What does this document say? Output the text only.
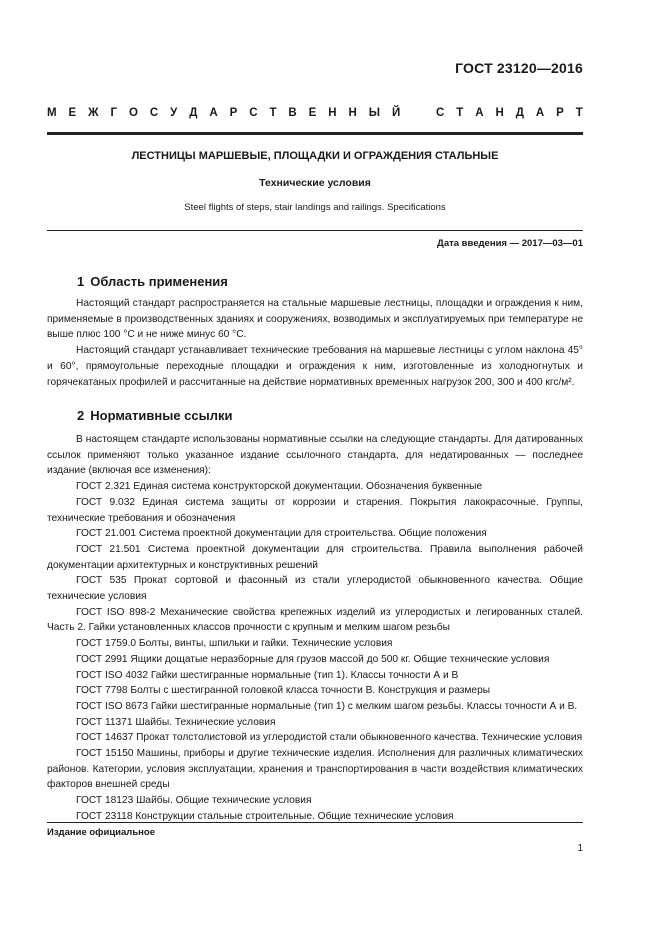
ГОСТ 23120—2016
М Е Ж Г О С У Д А Р С Т В Е Н Н Ы Й	С Т А Н Д А Р Т
ЛЕСТНИЦЫ МАРШЕВЫЕ, ПЛОЩАДКИ И ОГРАЖДЕНИЯ СТАЛЬНЫЕ
Технические условия
Steel flights of steps, stair landings and railings. Specifications
Дата введения — 2017—03—01
1 Область применения

Настоящий стандарт распространяется на стальные маршевые лестницы, площадки и ограждения к ним, применяемые в производственных зданиях и сооружениях, возводимых и эксплуатируемых при температуре не выше плюс 100 °С и не ниже минус 60 °С.

Настоящий стандарт устанавливает технические требования на маршевые лестницы с углом наклона 45° и 60°, прямоугольные переходные площадки и ограждения к ним, изготовленные из холодногнутых и горячекатаных профилей и рассчитанные на действие нормативных временных нагрузок 200, 300 и 400 кгс/м².

2 Нормативные ссылки

В настоящем стандарте использованы нормативные ссылки на следующие стандарты. Для датированных ссылок применяют только указанное издание ссылочного стандарта, для недатированных — последнее издание (включая все изменения):

ГОСТ 2.321 Единая система конструкторской документации. Обозначения буквенные

ГОСТ 9.032 Единая система защиты от коррозии и старения. Покрытия лакокрасочные. Группы, технические требования и обозначения

ГОСТ 21.001 Система проектной документации для строительства. Общие положения

ГОСТ 21.501 Система проектной документации для строительства. Правила выполнения рабочей документации архитектурных и конструктивных решений

ГОСТ 535 Прокат сортовой и фасонный из стали углеродистой обыкновенного качества. Общие технические условия

ГОСТ ISO 898-2 Механические свойства крепежных изделий из углеродистых и легированных сталей. Часть 2. Гайки установленных классов прочности с крупным и мелким шагом резьбы

ГОСТ 1759.0 Болты, винты, шпильки и гайки. Технические условия

ГОСТ 2991 Ящики дощатые неразборные для грузов массой до 500 кг. Общие технические условия

ГОСТ ISO 4032 Гайки шестигранные нормальные (тип 1). Классы точности А и В

ГОСТ 7798 Болты с шестигранной головкой класса точности В. Конструкция и размеры

ГОСТ ISO 8673 Гайки шестигранные нормальные (тип 1) с мелким шагом резьбы. Классы точности А и В.

ГОСТ 11371 Шайбы. Технические условия

ГОСТ 14637 Прокат толстолистовой из углеродистой стали обыкновенного качества. Технические условия

ГОСТ 15150 Машины, приборы и другие технические изделия. Исполнения для различных климатических районов. Категории, условия эксплуатации, хранения и транспортирования в части воздействия климатических факторов внешней среды

ГОСТ 18123 Шайбы. Общие технические условия

ГОСТ 23118 Конструкции стальные строительные. Общие технические условия

Издание официальное
1
